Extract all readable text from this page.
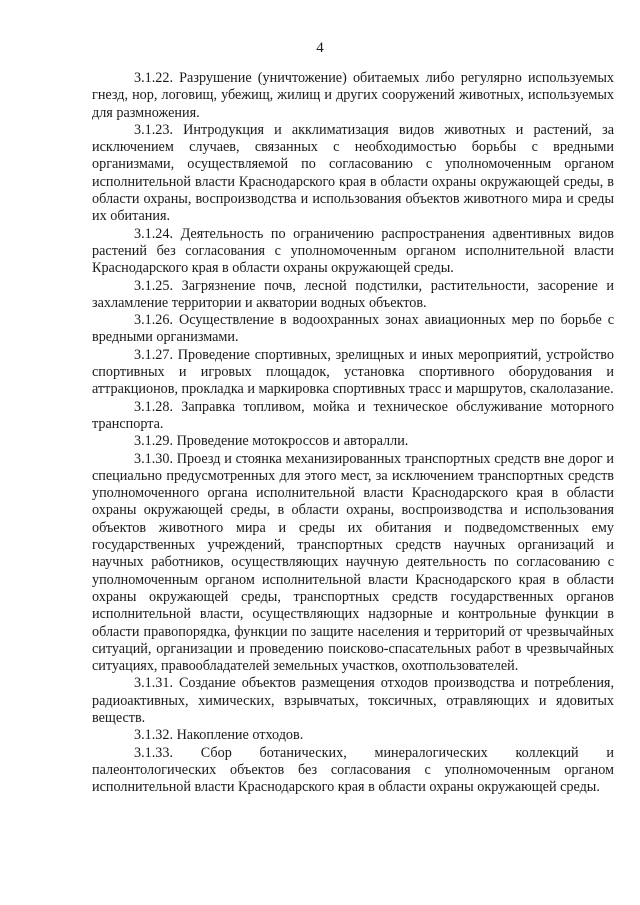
4

3.1.22. Разрушение (уничтожение) обитаемых либо регулярно используемых гнезд, нор, логовищ, убежищ, жилищ и других сооружений животных, используемых для размножения.

3.1.23. Интродукция и акклиматизация видов животных и растений, за исключением случаев, связанных с необходимостью борьбы с вредными организмами, осуществляемой по согласованию с уполномоченным органом исполнительной власти Краснодарского края в области охраны окружающей среды, в области охраны, воспроизводства и использования объектов животного мира и среды их обитания.

3.1.24. Деятельность по ограничению распространения адвентивных видов растений без согласования с уполномоченным органом исполнительной власти Краснодарского края в области охраны окружающей среды.

3.1.25. Загрязнение почв, лесной подстилки, растительности, засорение и захламление территории и акватории водных объектов.

3.1.26. Осуществление в водоохранных зонах авиационных мер по борьбе с вредными организмами.

3.1.27. Проведение спортивных, зрелищных и иных мероприятий, устройство спортивных и игровых площадок, установка спортивного оборудования и аттракционов, прокладка и маркировка спортивных трасс и маршрутов, скалолазание.

3.1.28. Заправка топливом, мойка и техническое обслуживание моторного транспорта.

3.1.29. Проведение мотокроссов и авторалли.

3.1.30. Проезд и стоянка механизированных транспортных средств вне дорог и специально предусмотренных для этого мест, за исключением транспортных средств уполномоченного органа исполнительной власти Краснодарского края в области охраны окружающей среды, в области охраны, воспроизводства и использования объектов животного мира и среды их обитания и подведомственных ему государственных учреждений, транспортных средств научных организаций и научных работников, осуществляющих научную деятельность по согласованию с уполномоченным органом исполнительной власти Краснодарского края в области охраны окружающей среды, транспортных средств государственных органов исполнительной власти, осуществляющих надзорные и контрольные функции в области правопорядка, функции по защите населения и территорий от чрезвычайных ситуаций, организации и проведению поисково-спасательных работ в чрезвычайных ситуациях, правообладателей земельных участков, охотпользователей.

3.1.31. Создание объектов размещения отходов производства и потребления, радиоактивных, химических, взрывчатых, токсичных, отравляющих и ядовитых веществ.

3.1.32. Накопление отходов.

3.1.33. Сбор ботанических, минералогических коллекций и палеонтологических объектов без согласования с уполномоченным органом исполнительной власти Краснодарского края в области охраны окружающей среды.
